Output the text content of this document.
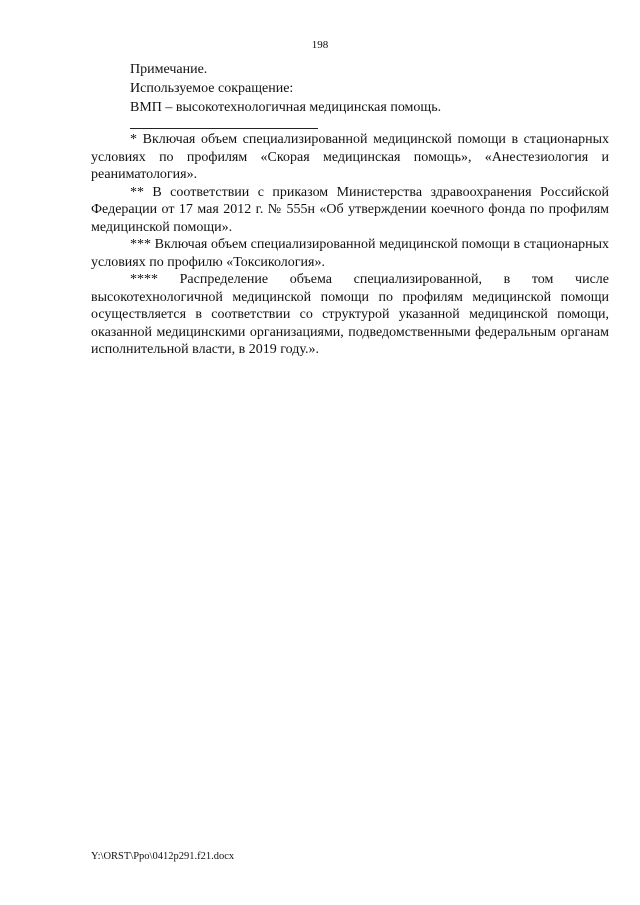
198
Примечание.
Используемое сокращение:
ВМП – высокотехнологичная медицинская помощь.

* Включая объем специализированной медицинской помощи в стационарных условиях по профилям «Скорая медицинская помощь», «Анестезиология и реаниматология».

** В соответствии с приказом Министерства здравоохранения Российской Федерации от 17 мая 2012 г. № 555н «Об утверждении коечного фонда по профилям медицинской помощи».

*** Включая объем специализированной медицинской помощи в стационарных условиях по профилю «Токсикология».

**** Распределение объема специализированной, в том числе высокотехнологичной медицинской помощи по профилям медицинской помощи осуществляется в соответствии со структурой указанной медицинской помощи, оказанной медицинскими организациями, подведомственными федеральным органам исполнительной власти, в 2019 году.».

Y:\ORST\Ppo\0412p291.f21.docx
